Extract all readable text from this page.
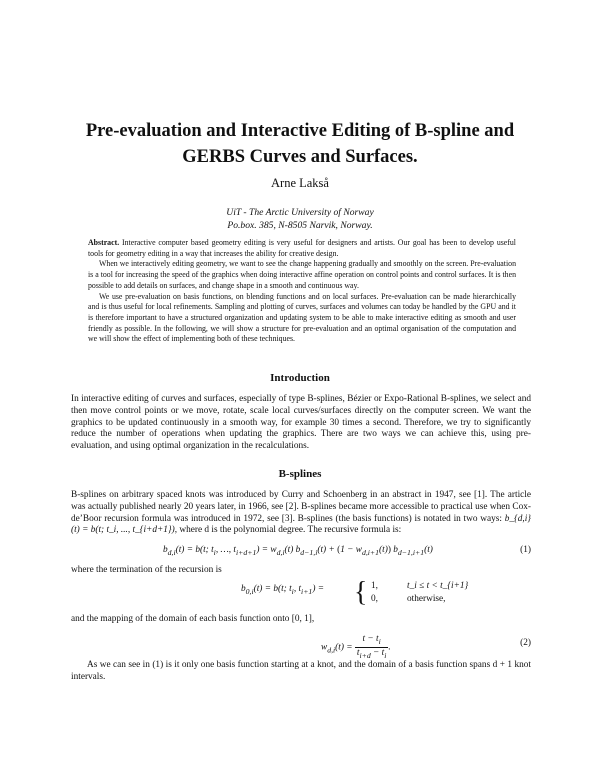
Pre-evaluation and Interactive Editing of B-spline and GERBS Curves and Surfaces.

Arne Lakså

UiT - The Arctic University of Norway
Po.box. 385, N-8505 Narvik, Norway.

Abstract. Interactive computer based geometry editing is very useful for designers and artists. Our goal has been to develop useful tools for geometry editing in a way that increases the ability for creative design.

When we interactively editing geometry, we want to see the change happening gradually and smoothly on the screen. Pre-evaluation is a tool for increasing the speed of the graphics when doing interactive affine operation on control points and control surfaces. It is then possible to add details on surfaces, and change shape in a smooth and continuous way.

We use pre-evaluation on basis functions, on blending functions and on local surfaces. Pre-evaluation can be made hierarchically and is thus useful for local refinements. Sampling and plotting of curves, surfaces and volumes can today be handled by the GPU and it is therefore important to have a structured organization and updating system to be able to make interactive editing as smooth and user friendly as possible. In the following, we will show a structure for pre-evaluation and an optimal organisation of the computation and we will show the effect of implementing both of these techniques.

Introduction

In interactive editing of curves and surfaces, especially of type B-splines, Bézier or Expo-Rational B-splines, we select and then move control points or we move, rotate, scale local curves/surfaces directly on the computer screen. We want the graphics to be updated continuously in a smooth way, for example 30 times a second. Therefore, we try to significantly reduce the number of operations when updating the graphics. There are two ways we can achieve this, using pre-evaluation, and using optimal organization in the recalculations.

B-splines

B-splines on arbitrary spaced knots was introduced by Curry and Schoenberg in an abstract in 1947, see [1]. The article was actually published nearly 20 years later, in 1966, see [2]. B-splines became more accessible to practical use when Cox-de’Boor recursion formula was introduced in 1972, see [3]. B-splines (the basis functions) is notated in two ways: b_{d,i}(t) = b(t; t_i, ..., t_{i+d+1}), where d is the polynomial degree. The recursive formula is:

$b_{d,i}(t) = b(t$; $t_i$, …, $t_{i+d+1}) = w_{d,i}(t)$ $b_{d-1,i}(t) + (1 - w_{d,i+1}(t))$ $b_{d-1,i+1}(t)$	(1)

where the termination of the recursion is

$b_{0,i}(t) = b(t$; $t_i$, $t_{i+1}$) = { 1,	t_i ≤ t < t_{i+1}
0,	otherwise,

and the mapping of the domain of each basis function onto [0, 1],

$w_{d,i}(t) = \frac{t - t_i}{t_{i+d} - t_i}$ .	(2)

As we can see in (1) is it only one basis function starting at a knot, and the domain of a basis function spans d + 1 knot intervals.
